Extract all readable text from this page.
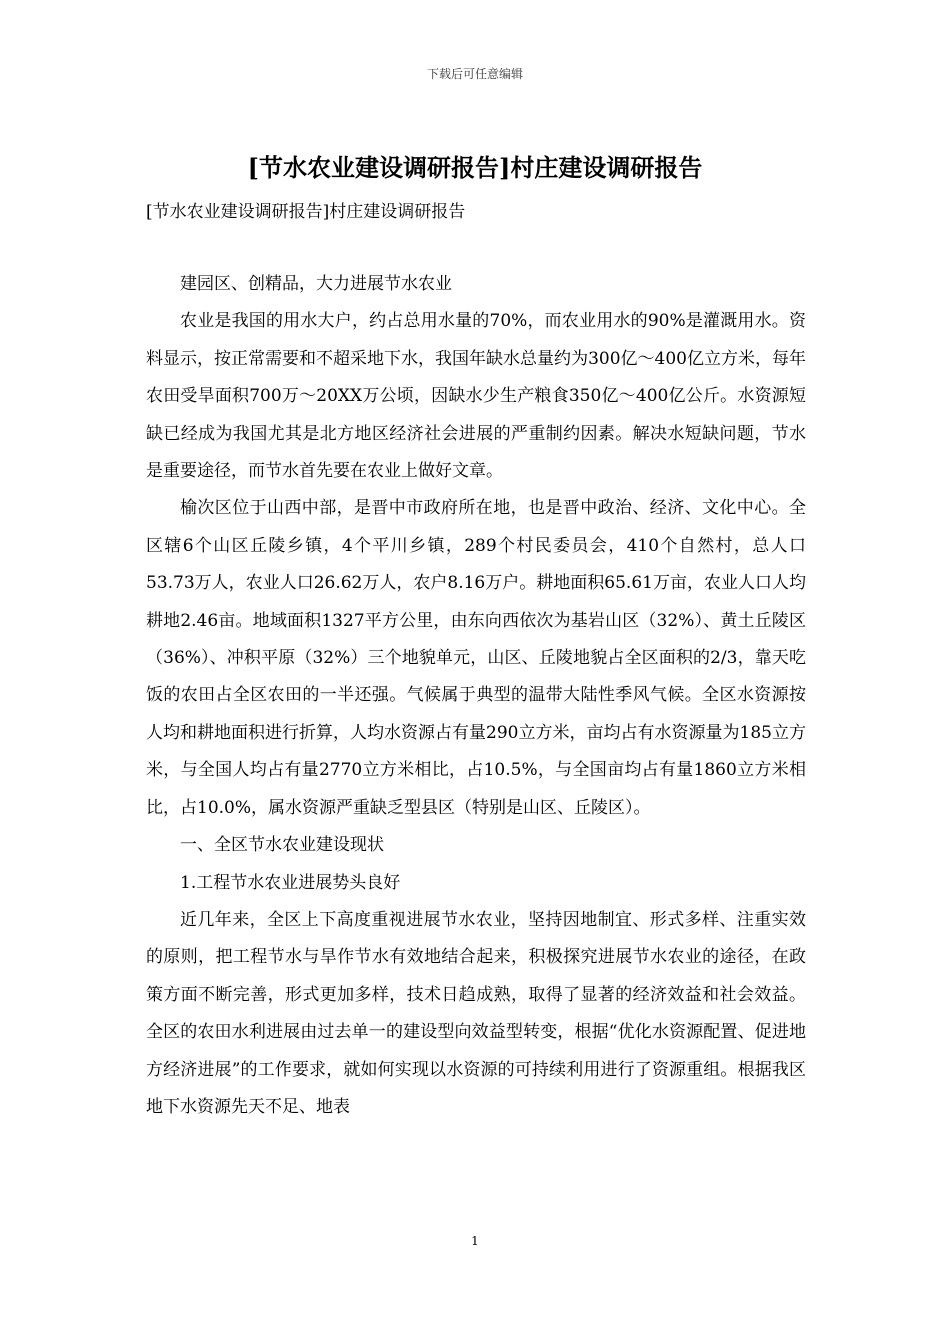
下载后可任意编辑
[节水农业建设调研报告]村庄建设调研报告
[节水农业建设调研报告]村庄建设调研报告

建园区、创精品，大力进展节水农业

农业是我国的用水大户，约占总用水量的70%，而农业用水的90%是灌溉用水。资料显示，按正常需要和不超采地下水，我国年缺水总量约为300亿～400亿立方米，每年农田受旱面积700万～20XX万公顷，因缺水少生产粮食350亿～400亿公斤。水资源短缺已经成为我国尤其是北方地区经济社会进展的严重制约因素。解决水短缺问题，节水是重要途径，而节水首先要在农业上做好文章。

榆次区位于山西中部，是晋中市政府所在地，也是晋中政治、经济、文化中心。全区辖6个山区丘陵乡镇，4个平川乡镇，289个村民委员会，410个自然村，总人口53.73万人，农业人口26.62万人，农户8.16万户。耕地面积65.61万亩，农业人口人均耕地2.46亩。地域面积1327平方公里，由东向西依次为基岩山区（32%）、黄土丘陵区（36%）、冲积平原（32%）三个地貌单元，山区、丘陵地貌占全区面积的2/3，靠天吃饭的农田占全区农田的一半还强。气候属于典型的温带大陆性季风气候。全区水资源按人均和耕地面积进行折算，人均水资源占有量290立方米，亩均占有水资源量为185立方米，与全国人均占有量2770立方米相比，占10.5%，与全国亩均占有量1860立方米相比，占10.0%，属水资源严重缺乏型县区（特别是山区、丘陵区）。

一、全区节水农业建设现状

1.工程节水农业进展势头良好

近几年来，全区上下高度重视进展节水农业，坚持因地制宜、形式多样、注重实效的原则，把工程节水与旱作节水有效地结合起来，积极探究进展节水农业的途径，在政策方面不断完善，形式更加多样，技术日趋成熟，取得了显著的经济效益和社会效益。全区的农田水利进展由过去单一的建设型向效益型转变，根据“优化水资源配置、促进地方经济进展”的工作要求，就如何实现以水资源的可持续利用进行了资源重组。根据我区地下水资源先天不足、地表

1
